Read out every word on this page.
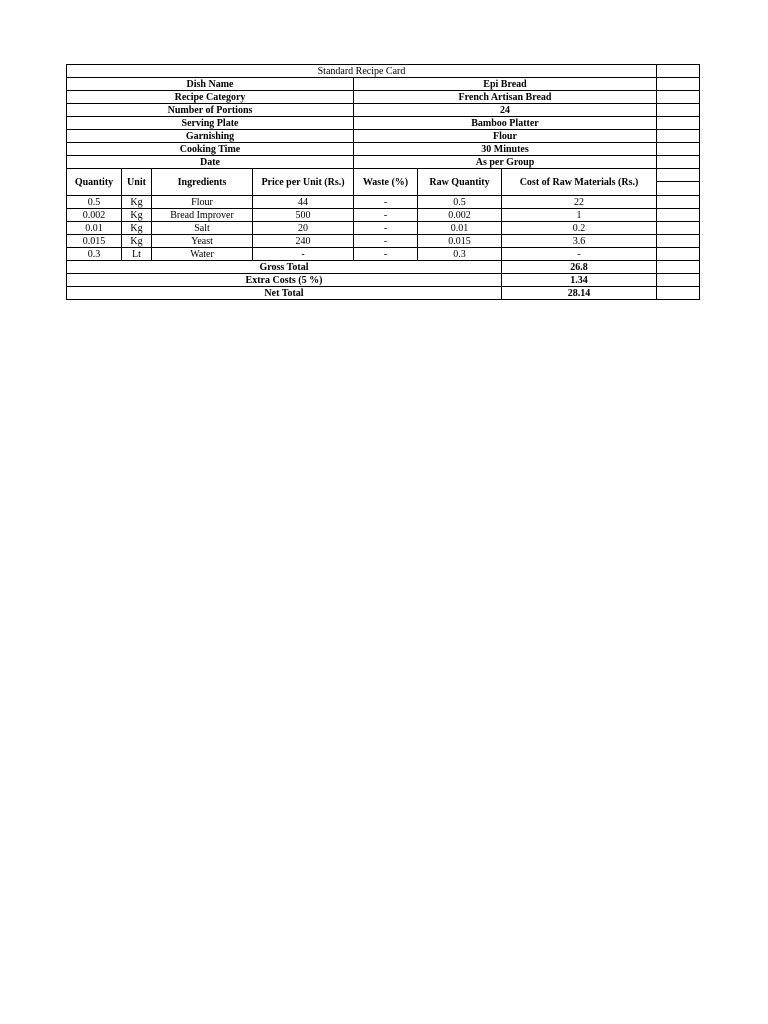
Standard Recipe Card							
Dish Name				Epi Bread			
Recipe Category				French Artisan Bread			
Number of Portions				24			
Serving Plate				Bamboo Platter			
Garnishing				Flour			
Cooking Time				30 Minutes			
Date				As per Group			
Quantity	Unit	Ingredients	Price per Unit (Rs.)	Waste (%)	Raw Quantity	Cost of Raw Materials (Rs.)	

0.5	Kg	Flour	44	-	0.5	22	
0.002	Kg	Bread Improver	500	-	0.002	1	
0.01	Kg	Salt	20	-	0.01	0.2	
0.015	Kg	Yeast	240	-	0.015	3.6	
0.3	Lt	Water	-	-	0.3	-	
Gross Total						26.8	
Extra Costs (5 %)						1.34	
Net Total						28.14	
